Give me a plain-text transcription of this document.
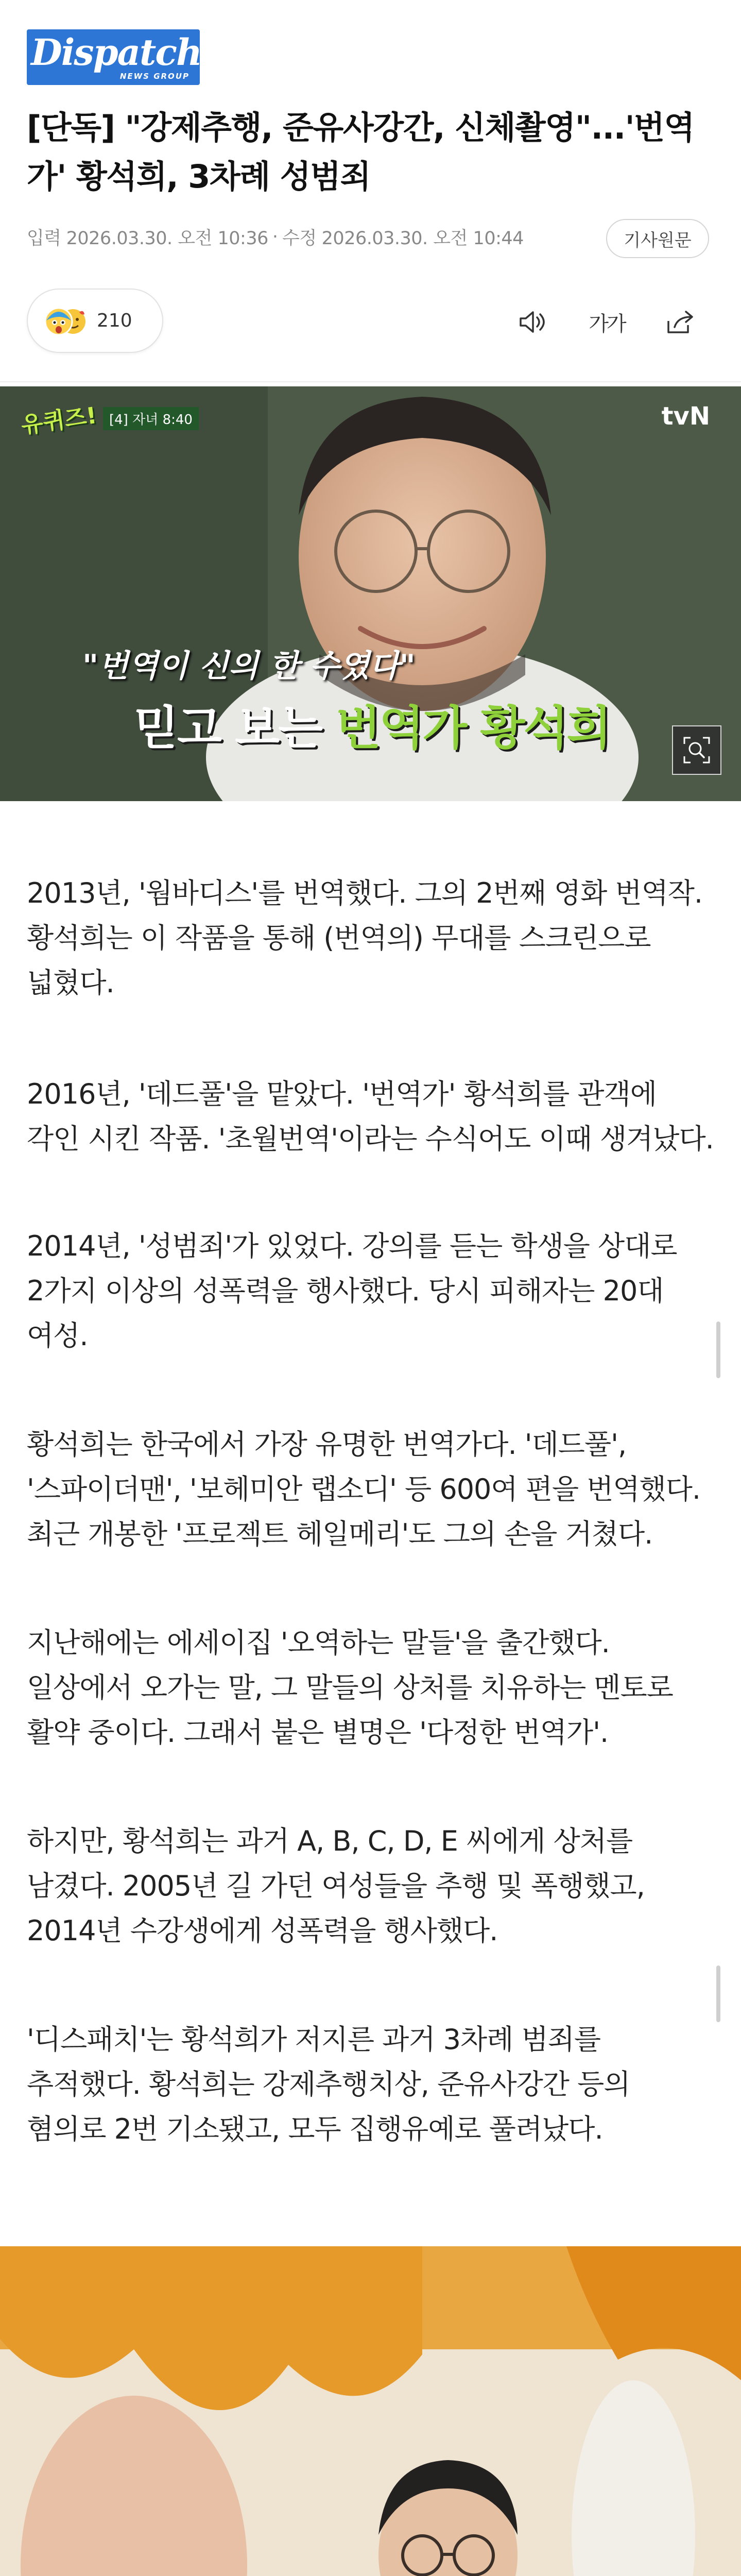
Dispatch
NEWS GROUP
[단독] "강제추행, 준유사강간, 신체촬영"...'번역가' 황석희, 3차례 성범죄
입력 2026.03.30. 오전 10:36 · 수정 2026.03.30. 오전 10:44	기사원문
210	가가
유퀴즈! [4] 자녀 8:40	tvN
"번역이 신의 한 수였다"
믿고 보는 번역가 황석희

2013년, '웜바디스'를 번역했다. 그의 2번째 영화 번역작. 황석희는 이 작품을 통해 (번역의) 무대를 스크린으로 넓혔다.

2016년, '데드풀'을 맡았다. '번역가' 황석희를 관객에 각인 시킨 작품. '초월번역'이라는 수식어도 이때 생겨났다.

2014년, '성범죄'가 있었다. 강의를 듣는 학생을 상대로 2가지 이상의 성폭력을 행사했다. 당시 피해자는 20대 여성.

황석희는 한국에서 가장 유명한 번역가다. '데드풀', '스파이더맨', '보헤미안 랩소디' 등 600여 편을 번역했다. 최근 개봉한 '프로젝트 헤일메리'도 그의 손을 거쳤다.

지난해에는 에세이집 '오역하는 말들'을 출간했다. 일상에서 오가는 말, 그 말들의 상처를 치유하는 멘토로 활약 중이다. 그래서 붙은 별명은 '다정한 번역가'.

하지만, 황석희는 과거 A, B, C, D, E 씨에게 상처를 남겼다. 2005년 길 가던 여성들을 추행 및 폭행했고, 2014년 수강생에게 성폭력을 행사했다.

'디스패치'는 황석희가 저지른 과거 3차례 범죄를 추적했다. 황석희는 강제추행치상, 준유사강간 등의 혐의로 2번 기소됐고, 모두 집행유예로 풀려났다.
